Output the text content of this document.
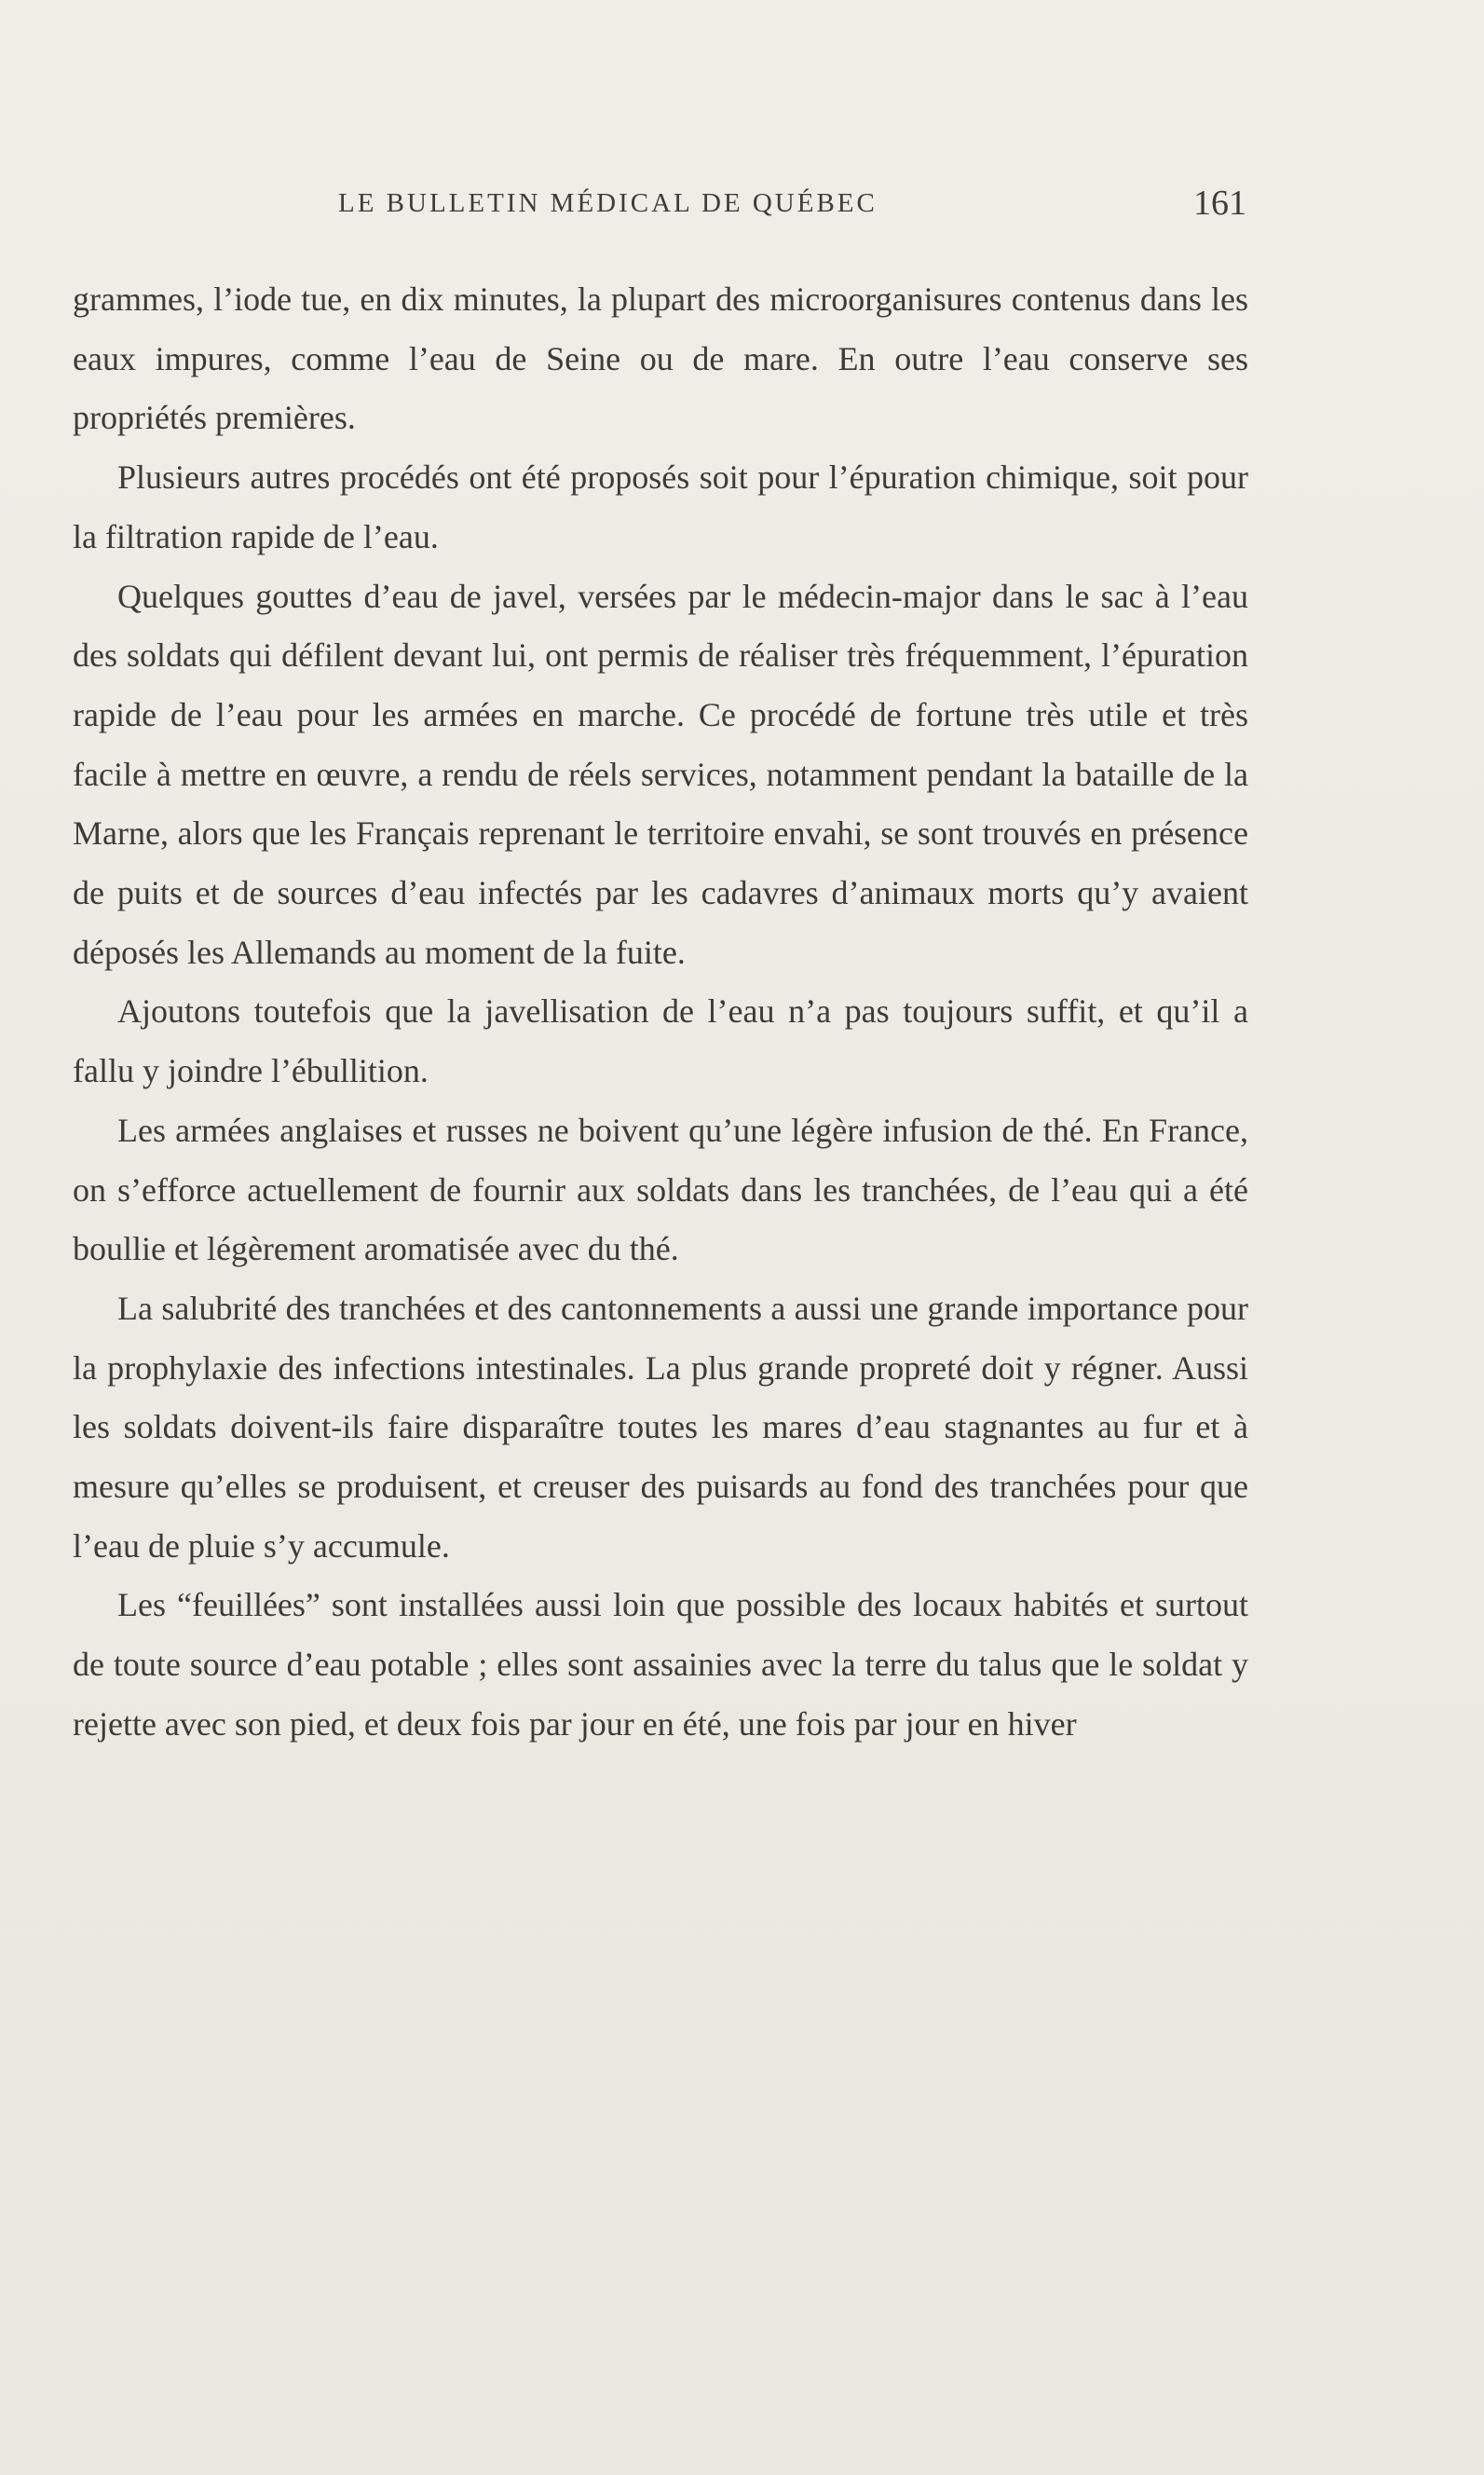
LE BULLETIN MÉDICAL DE QUÉBEC	161

grammes, l’iode tue, en dix minutes, la plupart des microorganisures contenus dans les eaux impures, comme l’eau de Seine ou de mare. En outre l’eau conserve ses propriétés premières.

Plusieurs autres procédés ont été proposés soit pour l’épuration chimique, soit pour la filtration rapide de l’eau.

Quelques gouttes d’eau de javel, versées par le médecin-major dans le sac à l’eau des soldats qui défilent devant lui, ont permis de réaliser très fréquemment, l’épuration rapide de l’eau pour les armées en marche. Ce procédé de fortune très utile et très facile à mettre en œuvre, a rendu de réels services, notamment pendant la bataille de la Marne, alors que les Français reprenant le territoire envahi, se sont trouvés en présence de puits et de sources d’eau infectés par les cadavres d’animaux morts qu’y avaient déposés les Allemands au moment de la fuite.

Ajoutons toutefois que la javellisation de l’eau n’a pas toujours suffit, et qu’il a fallu y joindre l’ébullition.

Les armées anglaises et russes ne boivent qu’une légère infusion de thé. En France, on s’efforce actuellement de fournir aux soldats dans les tranchées, de l’eau qui a été boullie et légèrement aromatisée avec du thé.

La salubrité des tranchées et des cantonnements a aussi une grande importance pour la prophylaxie des infections intestinales. La plus grande propreté doit y régner. Aussi les soldats doivent-ils faire disparaître toutes les mares d’eau stagnantes au fur et à mesure qu’elles se produisent, et creuser des puisards au fond des tranchées pour que l’eau de pluie s’y accumule.

Les “feuillées” sont installées aussi loin que possible des locaux habités et surtout de toute source d’eau potable ; elles sont assainies avec la terre du talus que le soldat y rejette avec son pied, et deux fois par jour en été, une fois par jour en hiver
